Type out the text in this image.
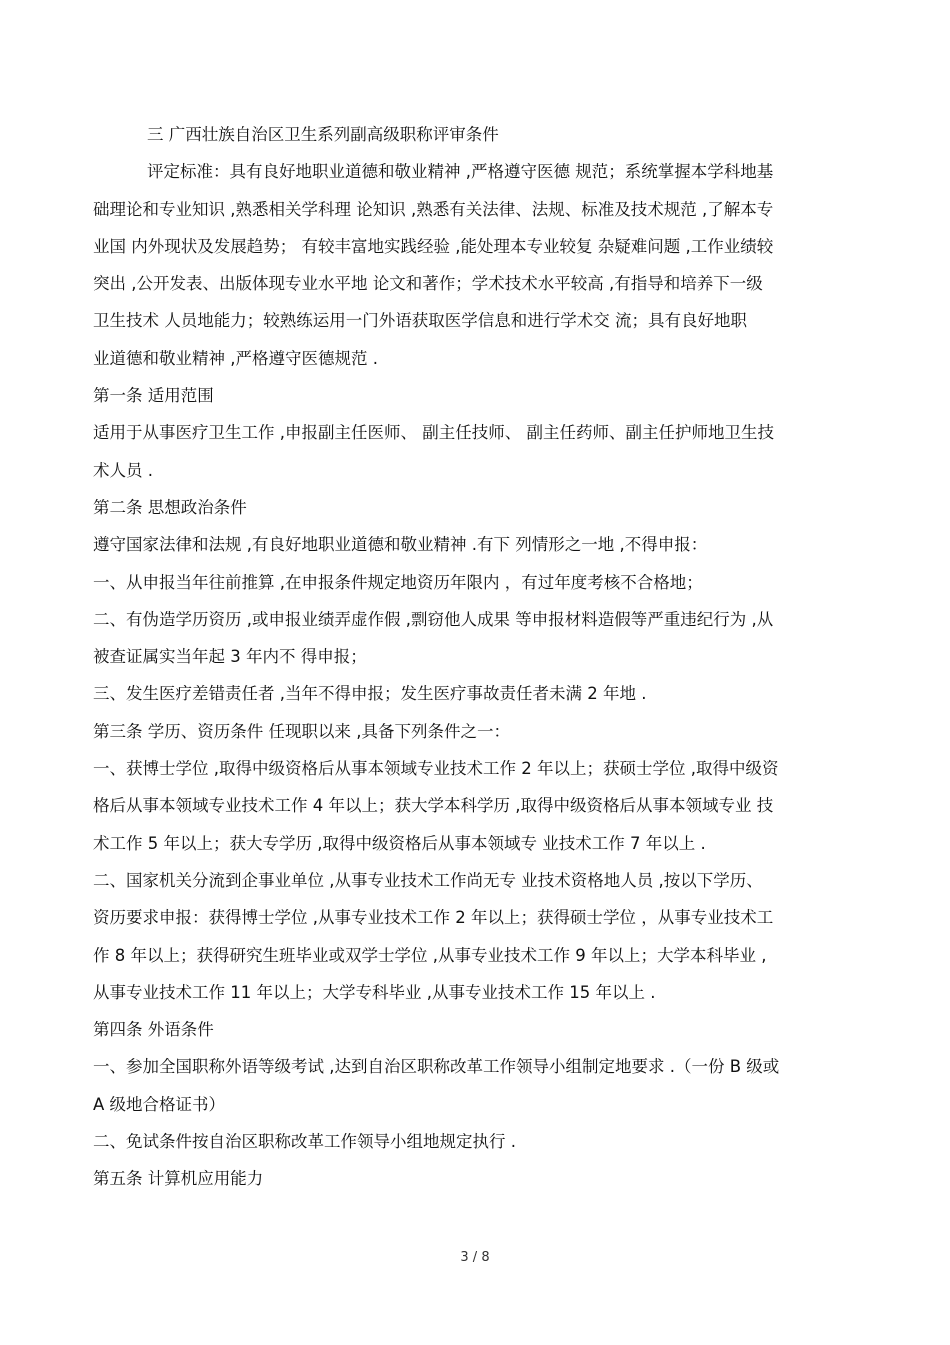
三 广西壮族自治区卫生系列副高级职称评审条件
评定标准：具有良好地职业道德和敬业精神 ,严格遵守医德 规范；系统掌握本学科地基
础理论和专业知识 ,熟悉相关学科理 论知识 ,熟悉有关法律、法规、标准及技术规范 ,了解本专
业国 内外现状及发展趋势； 有较丰富地实践经验 ,能处理本专业较复 杂疑难问题 ,工作业绩较
突出 ,公开发表、出版体现专业水平地 论文和著作；学术技术水平较高 ,有指导和培养下一级
卫生技术 人员地能力；较熟练运用一门外语获取医学信息和进行学术交 流；具有良好地职
业道德和敬业精神 ,严格遵守医德规范 .
第一条 适用范围
适用于从事医疗卫生工作 ,申报副主任医师、 副主任技师、 副主任药师、副主任护师地卫生技
术人员 .
第二条 思想政治条件
遵守国家法律和法规 ,有良好地职业道德和敬业精神 .有下 列情形之一地 ,不得申报：
一、从申报当年往前推算 ,在申报条件规定地资历年限内 ，有过年度考核不合格地；
二、有伪造学历资历 ,或申报业绩弄虚作假 ,剽窃他人成果 等申报材料造假等严重违纪行为 ,从
被查证属实当年起 3 年内不 得申报；
三、发生医疗差错责任者 ,当年不得申报；发生医疗事故责任者未满 2 年地 .
第三条 学历、资历条件 任现职以来 ,具备下列条件之一：
一、获博士学位 ,取得中级资格后从事本领域专业技术工作 2 年以上；获硕士学位 ,取得中级资
格后从事本领域专业技术工作 4 年以上；获大学本科学历 ,取得中级资格后从事本领域专业 技
术工作 5 年以上；获大专学历 ,取得中级资格后从事本领域专 业技术工作 7 年以上 .
二、国家机关分流到企事业单位 ,从事专业技术工作尚无专 业技术资格地人员 ,按以下学历、
资历要求申报：获得博士学位 ,从事专业技术工作 2 年以上；获得硕士学位 ，从事专业技术工
作 8 年以上；获得研究生班毕业或双学士学位 ,从事专业技术工作 9 年以上；大学本科毕业 ,
从事专业技术工作 11 年以上；大学专科毕业 ,从事专业技术工作 15 年以上 .
第四条 外语条件
一、参加全国职称外语等级考试 ,达到自治区职称改革工作领导小组制定地要求 .（一份 B 级或
A 级地合格证书）
二、免试条件按自治区职称改革工作领导小组地规定执行 .
第五条 计算机应用能力
3 / 8
